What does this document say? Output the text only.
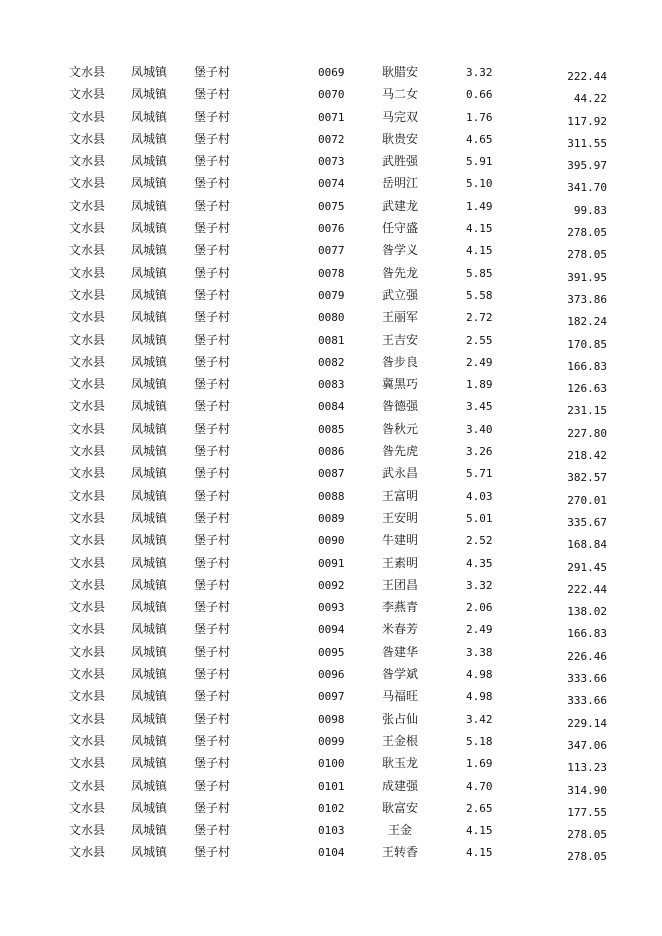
文水县 凤城镇 堡子村	0069	耿腊安	3.32	222.44
文水县 凤城镇 堡子村	0070	马二女	0.66	44.22
文水县 凤城镇 堡子村	0071	马完双	1.76	117.92
文水县 凤城镇 堡子村	0072	耿贵安	4.65	311.55
文水县 凤城镇 堡子村	0073	武胜强	5.91	395.97
文水县 凤城镇 堡子村	0074	岳明江	5.10	341.70
文水县 凤城镇 堡子村	0075	武建龙	1.49	99.83
文水县 凤城镇 堡子村	0076	任守盛	4.15	278.05
文水县 凤城镇 堡子村	0077	昝学义	4.15	278.05
文水县 凤城镇 堡子村	0078	昝先龙	5.85	391.95
文水县 凤城镇 堡子村	0079	武立强	5.58	373.86
文水县 凤城镇 堡子村	0080	王丽军	2.72	182.24
文水县 凤城镇 堡子村	0081	王吉安	2.55	170.85
文水县 凤城镇 堡子村	0082	昝步良	2.49	166.83
文水县 凤城镇 堡子村	0083	冀黑巧	1.89	126.63
文水县 凤城镇 堡子村	0084	昝德强	3.45	231.15
文水县 凤城镇 堡子村	0085	昝秋元	3.40	227.80
文水县 凤城镇 堡子村	0086	昝先虎	3.26	218.42
文水县 凤城镇 堡子村	0087	武永昌	5.71	382.57
文水县 凤城镇 堡子村	0088	王富明	4.03	270.01
文水县 凤城镇 堡子村	0089	王安明	5.01	335.67
文水县 凤城镇 堡子村	0090	牛建明	2.52	168.84
文水县 凤城镇 堡子村	0091	王素明	4.35	291.45
文水县 凤城镇 堡子村	0092	王团昌	3.32	222.44
文水县 凤城镇 堡子村	0093	李燕青	2.06	138.02
文水县 凤城镇 堡子村	0094	米春芳	2.49	166.83
文水县 凤城镇 堡子村	0095	昝建华	3.38	226.46
文水县 凤城镇 堡子村	0096	昝学斌	4.98	333.66
文水县 凤城镇 堡子村	0097	马福旺	4.98	333.66
文水县 凤城镇 堡子村	0098	张占仙	3.42	229.14
文水县 凤城镇 堡子村	0099	王金根	5.18	347.06
文水县 凤城镇 堡子村	0100	耿玉龙	1.69	113.23
文水县 凤城镇 堡子村	0101	成建强	4.70	314.90
文水县 凤城镇 堡子村	0102	耿富安	2.65	177.55
文水县 凤城镇 堡子村	0103	王金	4.15	278.05
文水县 凤城镇 堡子村	0104	王转香	4.15	278.05
